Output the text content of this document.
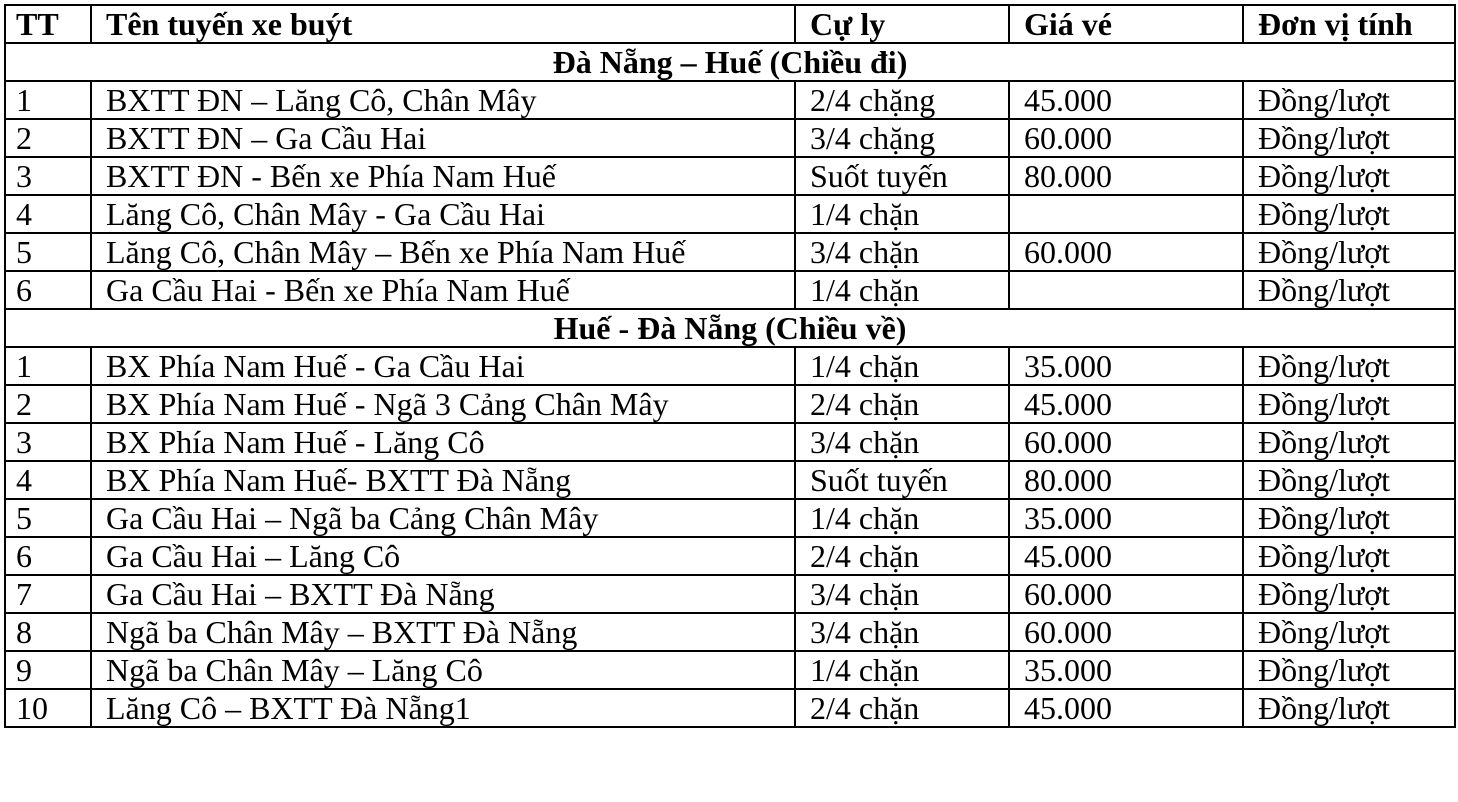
TT	Tên tuyến xe buýt	Cự ly	Giá vé	Đơn vị tính
Đà Nẵng – Huế (Chiều đi)				
1	BXTT ĐN – Lăng Cô, Chân Mây	2/4 chặng	45.000	Đồng/lượt
2	BXTT ĐN – Ga Cầu Hai	3/4 chặng	60.000	Đồng/lượt
3	BXTT ĐN - Bến xe Phía Nam Huế	Suốt tuyến	80.000	Đồng/lượt
4	Lăng Cô, Chân Mây - Ga Cầu Hai	1/4 chặn		Đồng/lượt
5	Lăng Cô, Chân Mây – Bến xe Phía Nam Huế	3/4 chặn	60.000	Đồng/lượt
6	Ga Cầu Hai - Bến xe Phía Nam Huế	1/4 chặn		Đồng/lượt
Huế - Đà Nẵng (Chiều về)				
1	BX Phía Nam Huế - Ga Cầu Hai	1/4 chặn	35.000	Đồng/lượt
2	BX Phía Nam Huế - Ngã 3 Cảng Chân Mây	2/4 chặn	45.000	Đồng/lượt
3	BX Phía Nam Huế - Lăng Cô	3/4 chặn	60.000	Đồng/lượt
4	BX Phía Nam Huế- BXTT Đà Nẵng	Suốt tuyến	80.000	Đồng/lượt
5	Ga Cầu Hai – Ngã ba Cảng Chân Mây	1/4 chặn	35.000	Đồng/lượt
6	Ga Cầu Hai – Lăng Cô	2/4 chặn	45.000	Đồng/lượt
7	Ga Cầu Hai – BXTT Đà Nẵng	3/4 chặn	60.000	Đồng/lượt
8	Ngã ba Chân Mây – BXTT Đà Nẵng	3/4 chặn	60.000	Đồng/lượt
9	Ngã ba Chân Mây – Lăng Cô	1/4 chặn	35.000	Đồng/lượt
10	Lăng Cô – BXTT Đà Nẵng1	2/4 chặn	45.000	Đồng/lượt
